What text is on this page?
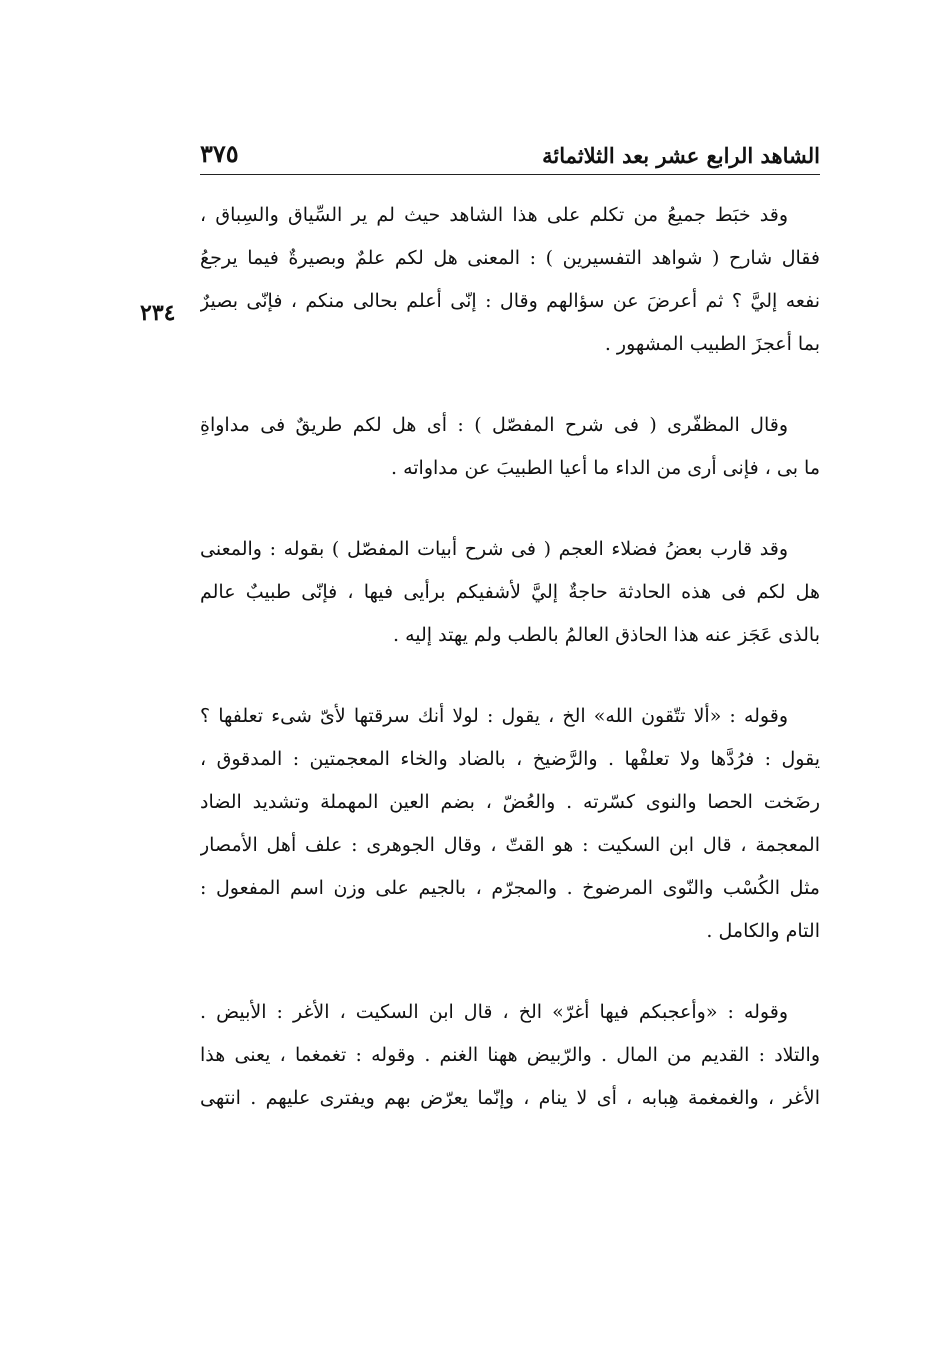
الشاهد الرابع عشر بعد الثلاثمائة
٣٧٥
٢٣٤
وقد خبَط جميعُ من تكلم على هذا الشاهد حيث لم ير السِّياق والسِباق ،
فقال شارح ( شواهد التفسيرين ) : المعنى هل لكم علمٌ وبصيرةٌ فيما يرجعُ
نفعه إليَّ ؟ ثم أعرضَ عن سؤالهم وقال : إنّى أعلم بحالى منكم ، فإنّى بصيرٌ
بما أعجزَ الطبيب المشهور .
وقال المظفّرى ( فى شرح المفصّل ) : أى هل لكم طريقٌ فى مداواةِ
ما بى ، فإنى أرى من الداء ما أعيا الطبيبَ عن مداواته .
وقد قارب بعضُ فضلاء العجم ( فى شرح أبيات المفصّل ) بقوله : والمعنى
هل لكم فى هذه الحادثة حاجةٌ إليَّ لأشفيكم برأيى فيها ، فإنّى طبيبٌ عالم
بالذى عَجَز عنه هذا الحاذق العالمُ بالطب ولم يهتد إليه .
وقوله : «ألا تتّقون الله» الخ ، يقول : لولا أنك سرقتها لأىّ شىء تعلفها ؟
يقول : فرُدَّها ولا تعلفْها . والرَّضيخ ، بالضاد والخاء المعجمتين : المدقوق ،
رضَخت الحصا والنوى كسّرته . والعُضّ ، بضم العين المهملة وتشديد الضاد
المعجمة ، قال ابن السكيت : هو القتّ ، وقال الجوهرى : علف أهل الأمصار
مثل الكُسْب والنّوى المرضوخ . والمجرّم ، بالجيم على وزن اسم المفعول :
التام والكامل .
وقوله : «وأعجبكم فيها أغرّ» الخ ، قال ابن السكيت ، الأغر : الأبيض .
والتلاد : القديم من المال . والرّبيض ههنا الغنم . وقوله : تغمغما ، يعنى هذا
الأغر ، والغمغمة هِبابه ، أى لا ينام ، وإنّما يعرّض بهم ويفترى عليهم . انتهى
